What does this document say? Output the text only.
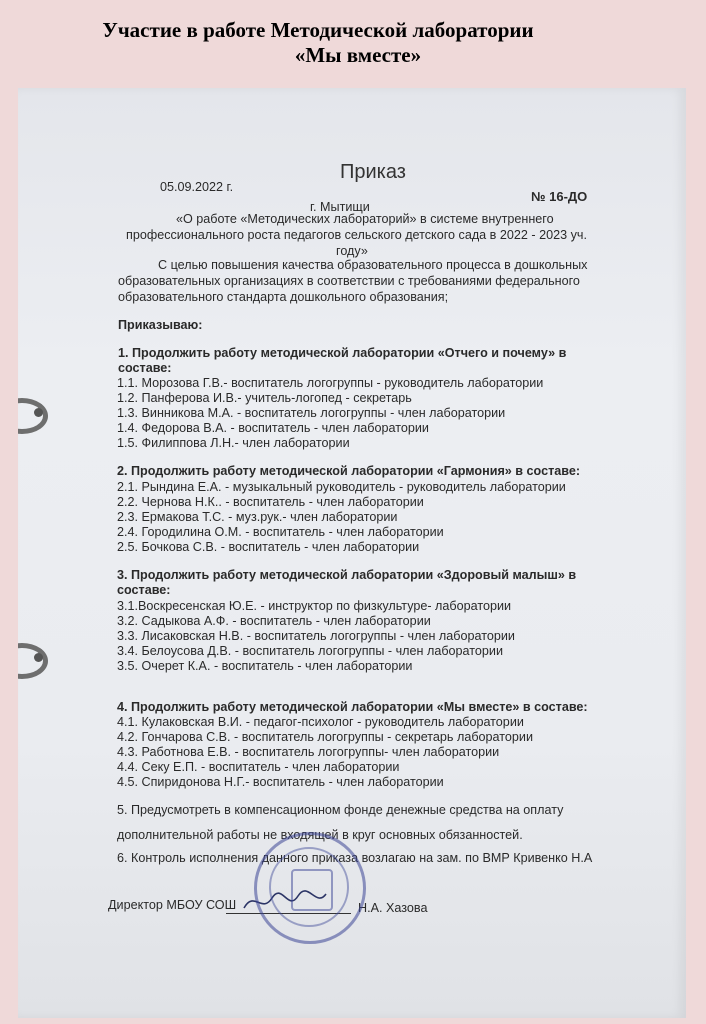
Участие в работе Методической лаборатории
«Мы вместе»
Приказ
05.09.2022 г.
№ 16-ДО
г. Мытищи
«О работе «Методических лабораторий» в системе внутреннего
профессионального роста педагогов сельского детского сада в 2022 - 2023 уч.
году»
С целью повышения качества образовательного процесса в дошкольных
образовательных организациях в соответствии с требованиями федерального
образовательного стандарта дошкольного образования;
Приказываю:
1. Продолжить работу методической лаборатории «Отчего и почему» в
составе:
1.1. Морозова Г.В.- воспитатель логогруппы - руководитель лаборатории
1.2. Панферова И.В.- учитель-логопед - секретарь
1.3. Винникова М.А. - воспитатель логогруппы - член лаборатории
1.4. Федорова В.А. - воспитатель - член лаборатории
1.5. Филиппова Л.Н.- член лаборатории
2. Продолжить работу методической лаборатории «Гармония» в составе:
2.1. Рындина Е.А. - музыкальный руководитель - руководитель лаборатории
2.2. Чернова Н.К.. - воспитатель - член лаборатории
2.3. Ермакова Т.С. - муз.рук.- член лаборатории
2.4. Городилина О.М. - воспитатель - член лаборатории
2.5. Бочкова С.В. - воспитатель - член лаборатории
3. Продолжить работу методической лаборатории «Здоровый малыш» в
составе:
3.1.Воскресенская Ю.Е. - инструктор по физкультуре- лаборатории
3.2. Садыкова А.Ф. - воспитатель - член лаборатории
3.3. Лисаковская Н.В. - воспитатель логогруппы - член лаборатории
3.4. Белоусова Д.В. - воспитатель логогруппы - член лаборатории
3.5. Очерет К.А. - воспитатель - член лаборатории
4. Продолжить работу методической лаборатории «Мы вместе» в составе:
4.1. Кулаковская В.И. - педагог-психолог - руководитель лаборатории
4.2. Гончарова С.В. - воспитатель логогруппы - секретарь лаборатории
4.3. Работнова Е.В. - воспитатель логогруппы- член лаборатории
4.4. Секу Е.П. - воспитатель - член лаборатории
4.5. Спиридонова Н.Г.- воспитатель - член лаборатории
5. Предусмотреть в компенсационном фонде денежные средства на оплату
дополнительной работы не входящей в круг основных обязанностей.
6. Контроль исполнения данного приказа возлагаю на зам. по ВМР Кривенко Н.А
Директор МБОУ СОШ	Н.А. Хазова
